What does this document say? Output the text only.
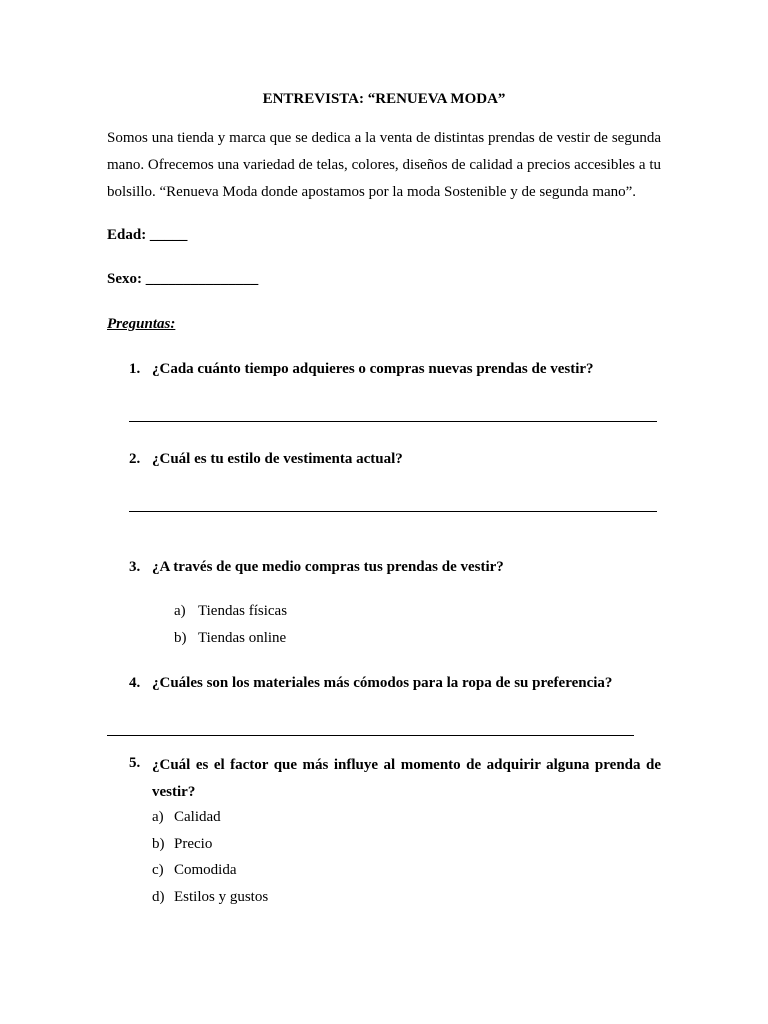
ENTREVISTA: “RENUEVA MODA”

Somos una tienda y marca que se dedica a la venta de distintas prendas de vestir de segunda mano. Ofrecemos una variedad de telas, colores, diseños de calidad a precios accesibles a tu bolsillo. “Renueva Moda donde apostamos por la moda Sostenible y de segunda mano”.

Edad: _____
Sexo: _______________
Preguntas:
1. ¿Cada cuánto tiempo adquieres o compras nuevas prendas de vestir?
2. ¿Cuál es tu estilo de vestimenta actual?
3. ¿A través de que medio compras tus prendas de vestir?
a) Tiendas físicas
b) Tiendas online
4. ¿Cuáles son los materiales más cómodos para la ropa de su preferencia?
5. ¿Cuál es el factor que más influye al momento de adquirir alguna prenda de vestir?

a) Calidad
b) Precio
c) Comodida
d) Estilos y gustos
